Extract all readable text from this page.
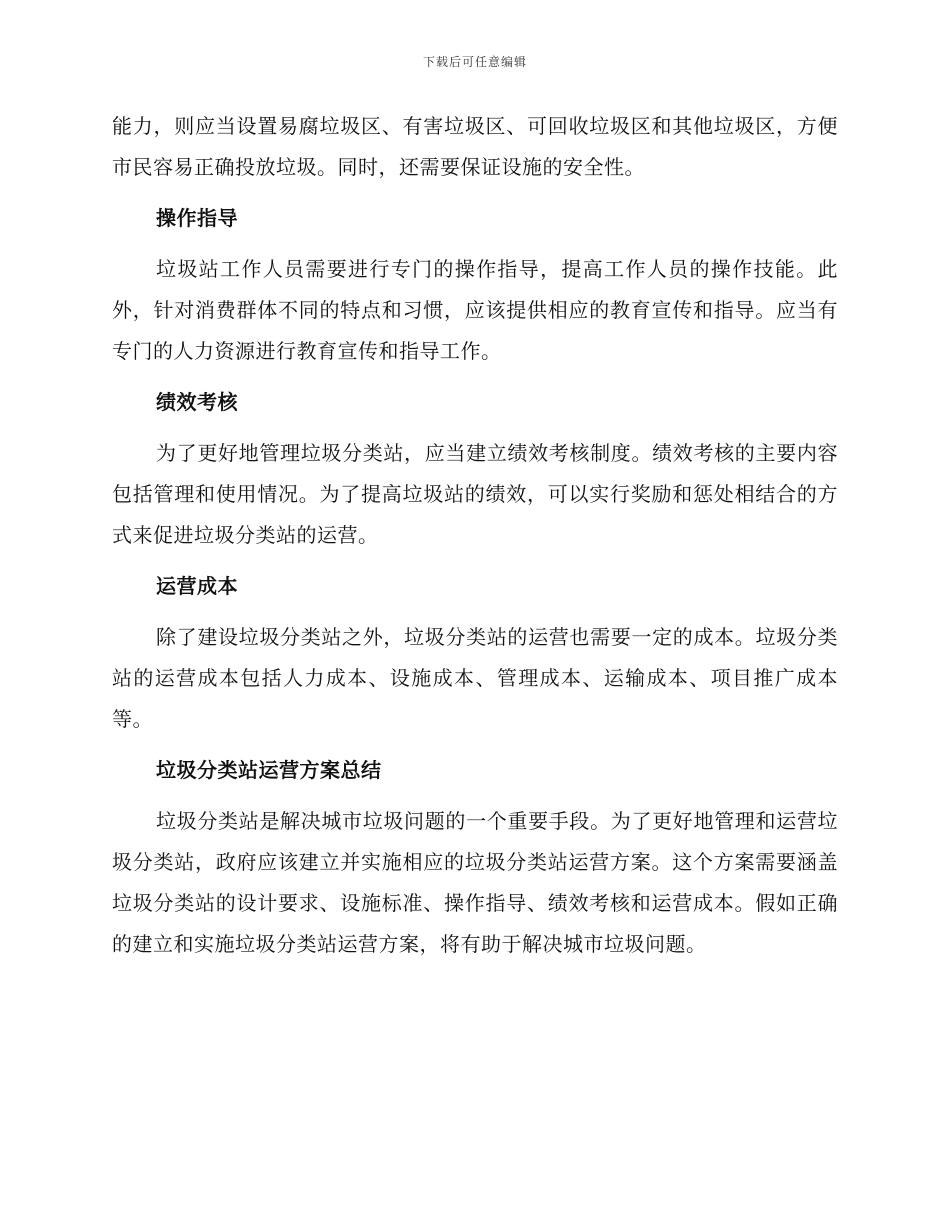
下载后可任意编辑

能力，则应当设置易腐垃圾区、有害垃圾区、可回收垃圾区和其他垃圾区，方便市民容易正确投放垃圾。同时，还需要保证设施的安全性。

操作指导

垃圾站工作人员需要进行专门的操作指导，提高工作人员的操作技能。此外，针对消费群体不同的特点和习惯，应该提供相应的教育宣传和指导。应当有专门的人力资源进行教育宣传和指导工作。

绩效考核

为了更好地管理垃圾分类站，应当建立绩效考核制度。绩效考核的主要内容包括管理和使用情况。为了提高垃圾站的绩效，可以实行奖励和惩处相结合的方式来促进垃圾分类站的运营。

运营成本

除了建设垃圾分类站之外，垃圾分类站的运营也需要一定的成本。垃圾分类站的运营成本包括人力成本、设施成本、管理成本、运输成本、项目推广成本等。

垃圾分类站运营方案总结

垃圾分类站是解决城市垃圾问题的一个重要手段。为了更好地管理和运营垃圾分类站，政府应该建立并实施相应的垃圾分类站运营方案。这个方案需要涵盖垃圾分类站的设计要求、设施标准、操作指导、绩效考核和运营成本。假如正确的建立和实施垃圾分类站运营方案，将有助于解决城市垃圾问题。
